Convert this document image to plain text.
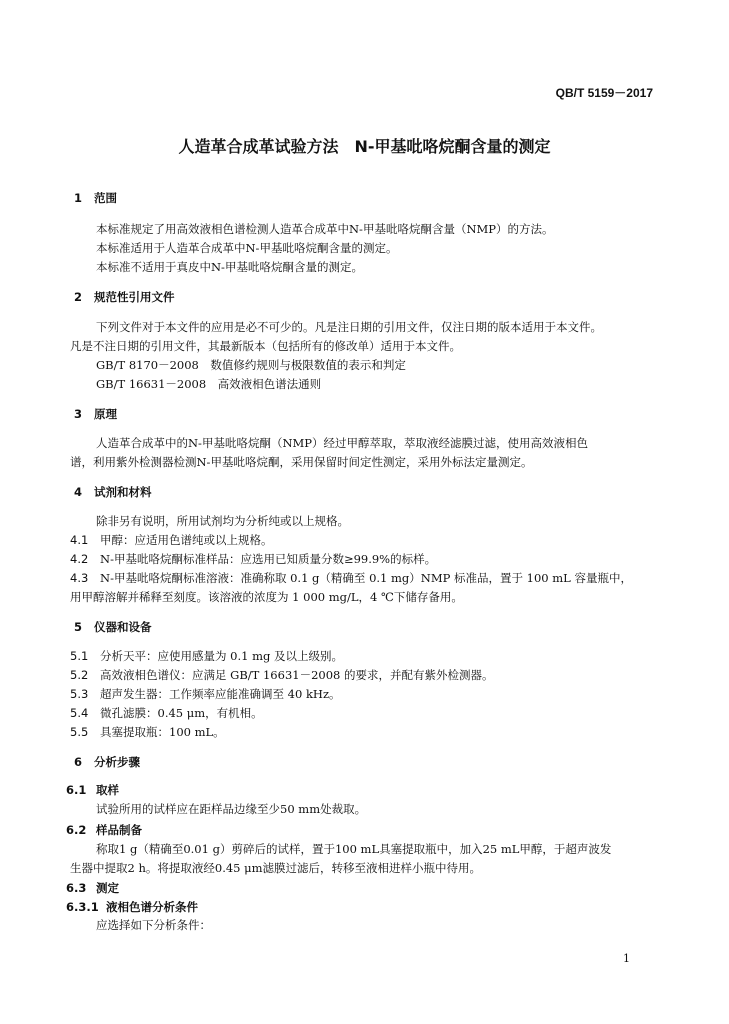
QB/T 5159－2017
人造革合成革试验方法　N-甲基吡咯烷酮含量的测定
1 范围
本标准规定了用高效液相色谱检测人造革合成革中N-甲基吡咯烷酮含量（NMP）的方法。
本标准适用于人造革合成革中N-甲基吡咯烷酮含量的测定。
本标准不适用于真皮中N-甲基吡咯烷酮含量的测定。
2 规范性引用文件
下列文件对于本文件的应用是必不可少的。凡是注日期的引用文件，仅注日期的版本适用于本文件。
凡是不注日期的引用文件，其最新版本（包括所有的修改单）适用于本文件。
GB/T 8170－2008　数值修约规则与极限数值的表示和判定
GB/T 16631－2008　高效液相色谱法通则
3 原理
人造革合成革中的N-甲基吡咯烷酮（NMP）经过甲醇萃取，萃取液经滤膜过滤，使用高效液相色
谱，利用紫外检测器检测N-甲基吡咯烷酮，采用保留时间定性测定，采用外标法定量测定。
4 试剂和材料
除非另有说明，所用试剂均为分析纯或以上规格。
4.1 甲醇：应适用色谱纯或以上规格。
4.2 N-甲基吡咯烷酮标准样品：应选用已知质量分数≥99.9%的标样。
4.3 N-甲基吡咯烷酮标准溶液：准确称取 0.1 g（精确至 0.1 mg）NMP 标准品，置于 100 mL 容量瓶中，
用甲醇溶解并稀释至刻度。该溶液的浓度为 1 000 mg/L，4 ℃下储存备用。
5 仪器和设备
5.1 分析天平：应使用感量为 0.1 mg 及以上级别。
5.2 高效液相色谱仪：应满足 GB/T 16631－2008 的要求，并配有紫外检测器。
5.3 超声发生器：工作频率应能准确调至 40 kHz。
5.4 微孔滤膜：0.45 μm，有机相。
5.5 具塞提取瓶：100 mL。
6 分析步骤
6.1 取样
试验所用的试样应在距样品边缘至少50 mm处裁取。
6.2 样品制备
称取1 g（精确至0.01 g）剪碎后的试样，置于100 mL具塞提取瓶中，加入25 mL甲醇，于超声波发
生器中提取2 h。将提取液经0.45 μm滤膜过滤后，转移至液相进样小瓶中待用。
6.3 测定
6.3.1 液相色谱分析条件
应选择如下分析条件：
1
